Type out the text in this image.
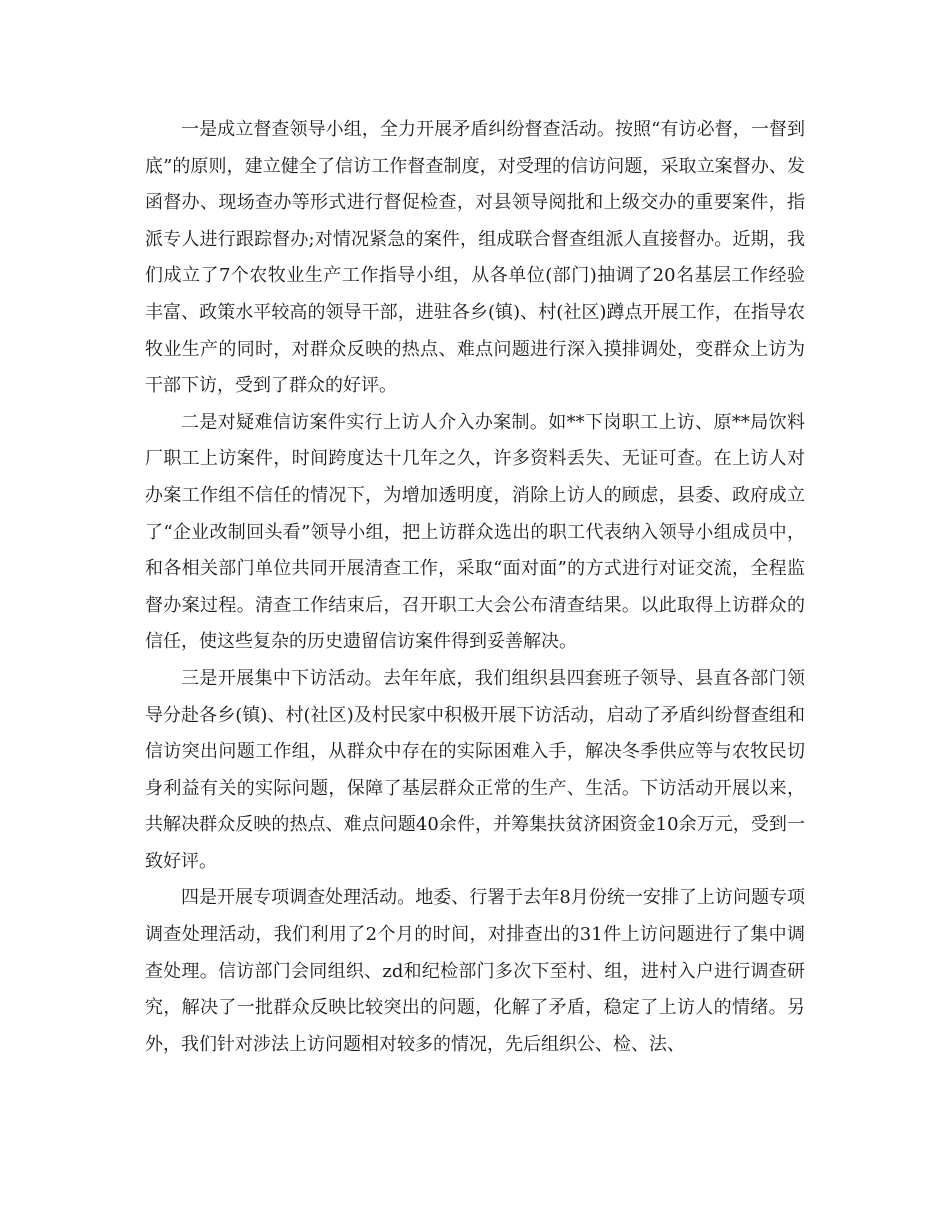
一是成立督查领导小组，全力开展矛盾纠纷督查活动。按照“有访必督，一督到底”的原则，建立健全了信访工作督查制度，对受理的信访问题，采取立案督办、发函督办、现场查办等形式进行督促检查，对县领导阅批和上级交办的重要案件，指派专人进行跟踪督办;对情况紧急的案件，组成联合督查组派人直接督办。近期，我们成立了7个农牧业生产工作指导小组，从各单位(部门)抽调了20名基层工作经验丰富、政策水平较高的领导干部，进驻各乡(镇)、村(社区)蹲点开展工作，在指导农牧业生产的同时，对群众反映的热点、难点问题进行深入摸排调处，变群众上访为干部下访，受到了群众的好评。

二是对疑难信访案件实行上访人介入办案制。如**下岗职工上访、原**局饮料厂职工上访案件，时间跨度达十几年之久，许多资料丢失、无证可查。在上访人对办案工作组不信任的情况下，为增加透明度，消除上访人的顾虑，县委、政府成立了“企业改制回头看”领导小组，把上访群众选出的职工代表纳入领导小组成员中，和各相关部门单位共同开展清查工作，采取“面对面”的方式进行对证交流，全程监督办案过程。清查工作结束后，召开职工大会公布清查结果。以此取得上访群众的信任，使这些复杂的历史遗留信访案件得到妥善解决。

三是开展集中下访活动。去年年底，我们组织县四套班子领导、县直各部门领导分赴各乡(镇)、村(社区)及村民家中积极开展下访活动，启动了矛盾纠纷督查组和信访突出问题工作组，从群众中存在的实际困难入手，解决冬季供应等与农牧民切身利益有关的实际问题，保障了基层群众正常的生产、生活。下访活动开展以来，共解决群众反映的热点、难点问题40余件，并筹集扶贫济困资金10余万元，受到一致好评。

四是开展专项调查处理活动。地委、行署于去年8月份统一安排了上访问题专项调查处理活动，我们利用了2个月的时间，对排查出的31件上访问题进行了集中调查处理。信访部门会同组织、zd和纪检部门多次下至村、组，进村入户进行调查研究，解决了一批群众反映比较突出的问题，化解了矛盾，稳定了上访人的情绪。另外，我们针对涉法上访问题相对较多的情况，先后组织公、检、法、
